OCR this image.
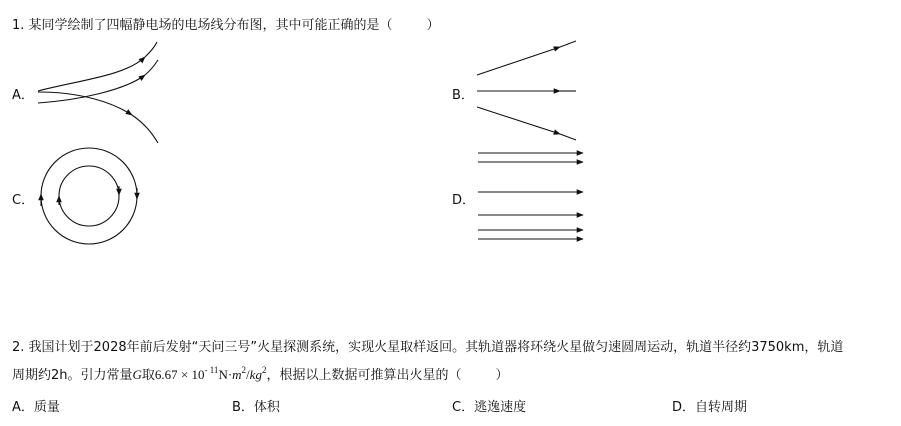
1. 某同学绘制了四幅静电场的电场线分布图，其中可能正确的是（	）
A．	B．
C．	D．
2. 我国计划于2028年前后发射“天问三号”火星探测系统，实现火星取样返回。其轨道器将环绕火星做匀速圆周运动，轨道半径约3750km，轨道
周期约2h。引力常量G取$6.67 \times 10^{- 11}N\cdot m^2/kg^2$，根据以上数据可推算出火星的（	）
A．质量	B．体积	C．逃逸速度	D．自转周期
